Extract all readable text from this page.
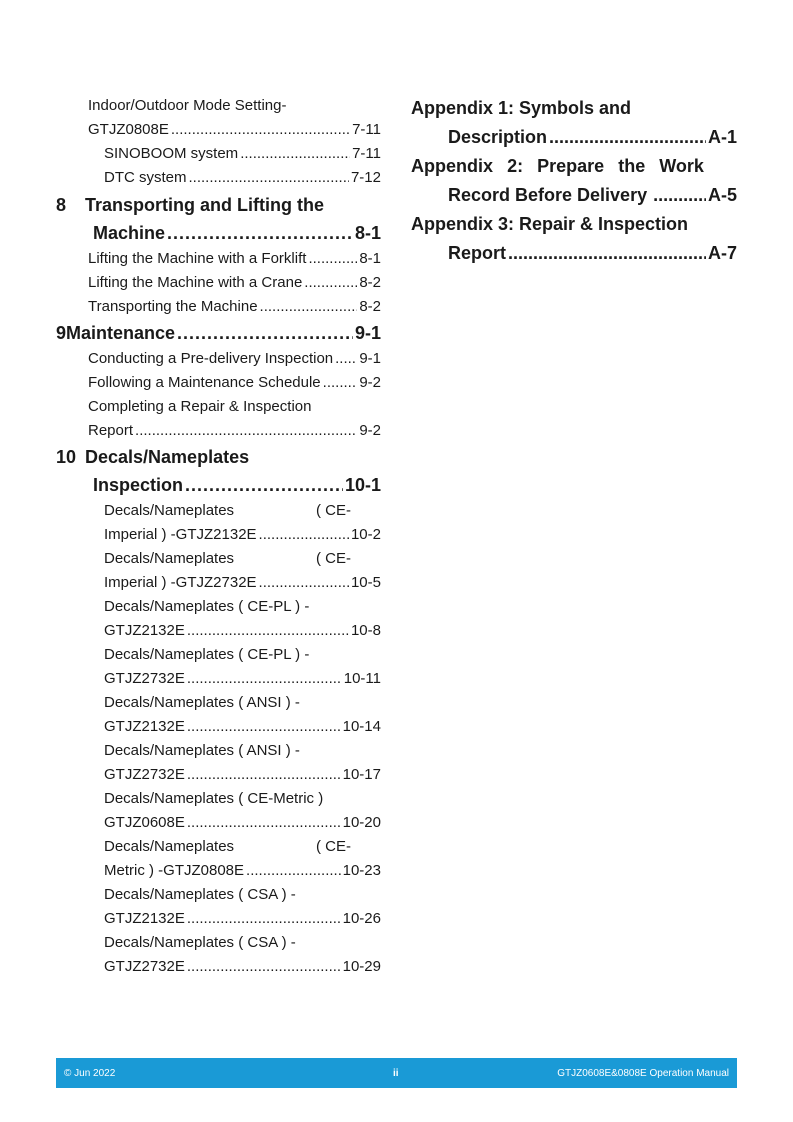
Indoor/Outdoor Mode Setting-
GTJZ0808E .....	7-11
SINOBOOM system .....	7-11
DTC system .....	7-12
8	Transporting and Lifting the
Machine .....	8-1
Lifting the Machine with a Forklift .....	8-1
Lifting the Machine with a Crane .....	8-2
Transporting the Machine .....	8-2
9 Maintenance .....	9-1
Conducting a Pre-delivery Inspection ..... 9-1
Following a Maintenance Schedule .....	9-2
Completing a Repair & Inspection
Report .....	9-2
10 Decals/Nameplates
Inspection .....	10-1
Decals/Nameplates	( CE-
Imperial ) -GTJZ2132E .....	10-2
Decals/Nameplates	( CE-
Imperial ) -GTJZ2732E .....	10-5
Decals/Nameplates ( CE-PL ) -
GTJZ2132E .....	10-8
Decals/Nameplates ( CE-PL ) -
GTJZ2732E .....	10-11
Decals/Nameplates ( ANSI ) -
GTJZ2132E .....	10-14
Decals/Nameplates ( ANSI ) -
GTJZ2732E .....	10-17
Decals/Nameplates ( CE-Metric )
GTJZ0608E .....	10-20
Decals/Nameplates	( CE-
Metric ) -GTJZ0808E .....	10-23
Decals/Nameplates ( CSA ) -
GTJZ2132E .....	10-26
Decals/Nameplates ( CSA ) -
GTJZ2732E .....	10-29
Appendix 1: Symbols and
Description .....	A-1
Appendix 2: Prepare the Work
Record Before Delivery .....	A-5
Appendix 3: Repair & Inspection
Report .....	A-7
© Jun 2022	ii	GTJZ0608E&0808E Operation Manual
